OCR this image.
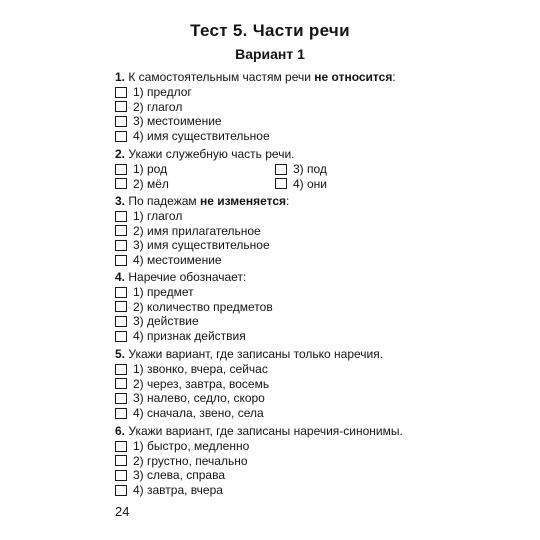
Тест 5. Части речи
Вариант 1
1. К самостоятельным частям речи не относится:
1) предлог
2) глагол
3) местоимение
4) имя существительное
2. Укажи служебную часть речи.
1) род	3) под
2) мёл	4) они
3. По падежам не изменяется:
1) глагол
2) имя прилагательное
3) имя существительное
4) местоимение
4. Наречие обозначает:
1) предмет
2) количество предметов
3) действие
4) признак действия
5. Укажи вариант, где записаны только наречия.
1) звонко, вчера, сейчас
2) через, завтра, восемь
3) налево, седло, скоро
4) сначала, звено, села
6. Укажи вариант, где записаны наречия-синонимы.
1) быстро, медленно
2) грустно, печально
3) слева, справа
4) завтра, вчера
24
